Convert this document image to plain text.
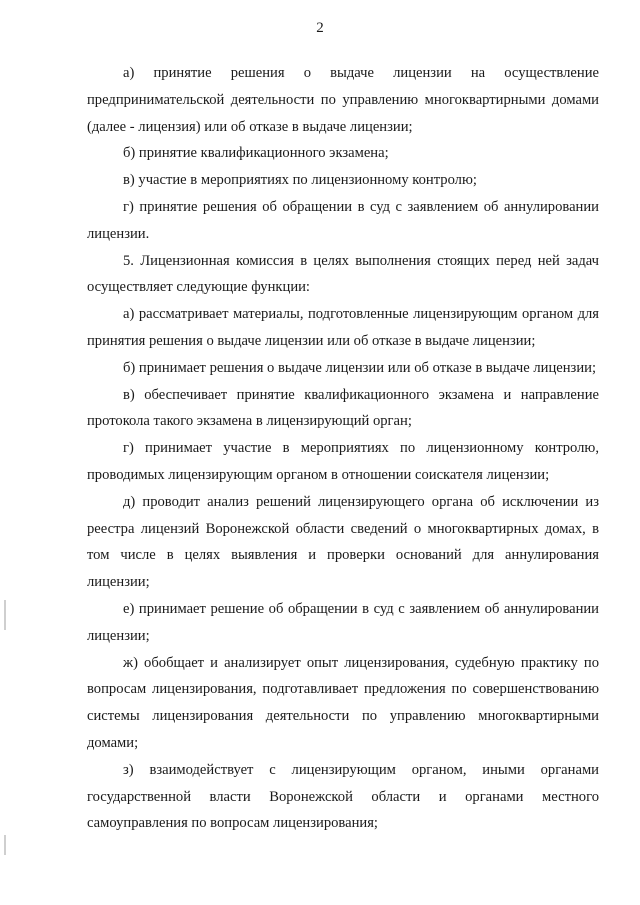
2

а) принятие решения о выдаче лицензии на осуществление предпринимательской деятельности по управлению многоквартирными домами (далее - лицензия) или об отказе в выдаче лицензии;

б) принятие квалификационного экзамена;

в) участие в мероприятиях по лицензионному контролю;

г) принятие решения об обращении в суд с заявлением об аннулировании лицензии.

5. Лицензионная комиссия в целях выполнения стоящих перед ней задач осуществляет следующие функции:

а) рассматривает материалы, подготовленные лицензирующим органом для принятия решения о выдаче лицензии или об отказе в выдаче лицензии;

б) принимает решения о выдаче лицензии или об отказе в выдаче лицензии;

в) обеспечивает принятие квалификационного экзамена и направление протокола такого экзамена в лицензирующий орган;

г) принимает участие в мероприятиях по лицензионному контролю, проводимых лицензирующим органом в отношении соискателя лицензии;

д) проводит анализ решений лицензирующего органа об исключении из реестра лицензий Воронежской области сведений о многоквартирных домах, в том числе в целях выявления и проверки оснований для аннулирования лицензии;

е) принимает решение об обращении в суд с заявлением об аннулировании лицензии;

ж) обобщает и анализирует опыт лицензирования, судебную практику по вопросам лицензирования, подготавливает предложения по совершенствованию системы лицензирования деятельности по управлению многоквартирными домами;

з) взаимодействует с лицензирующим органом, иными органами государственной власти Воронежской области и органами местного самоуправления по вопросам лицензирования;
